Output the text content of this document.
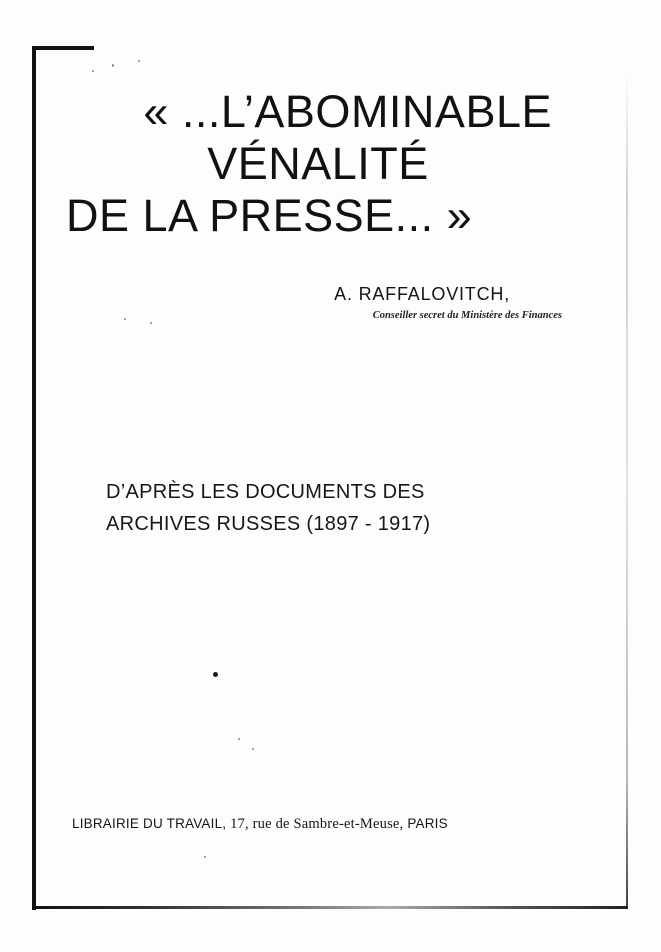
« ...L’ABOMINABLE
VÉNALITÉ
DE LA PRESSE... »
A. RAFFALOVITCH,
Conseiller secret du Ministère des Finances
D’APRÈS LES DOCUMENTS DES
ARCHIVES RUSSES (1897 - 1917)
LIBRAIRIE DU TRAVAIL, 17, rue de Sambre-et-Meuse, PARIS
